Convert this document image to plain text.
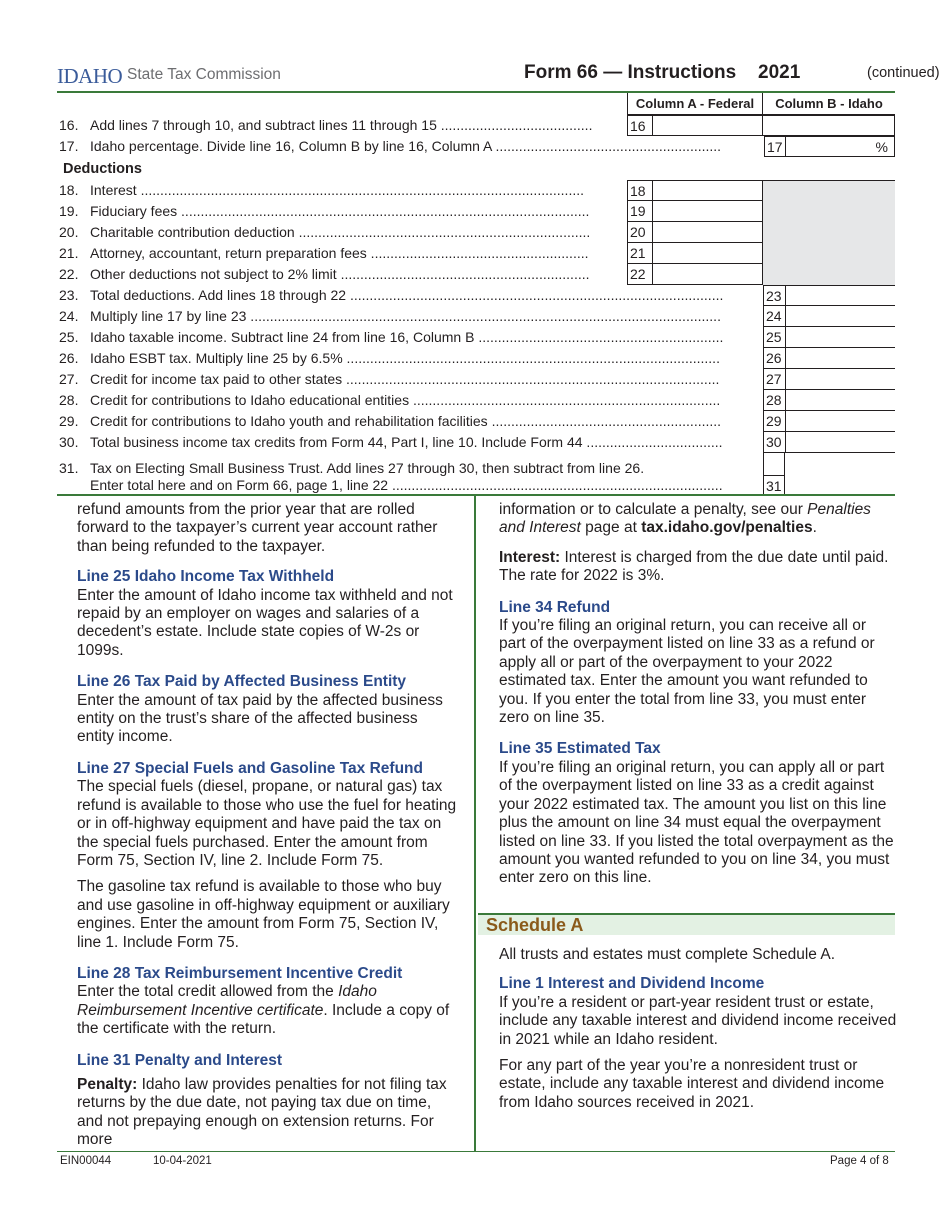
IDAHO State Tax Commission	Form 66 — Instructions 2021	(continued)
Column A - Federal	Column B - Idaho
16. Add lines 7 through 10, and subtract lines 11 through 15 .......................................	16
17. Idaho percentage. Divide line 16, Column B by line 16, Column A ..........................................................	17	%
Deductions
18. Interest ..................................................................................................................	18
19. Fiduciary fees .........................................................................................................	19
20. Charitable contribution deduction ...........................................................................	20
21. Attorney, accountant, return preparation fees ........................................................	21
22. Other deductions not subject to 2% limit ................................................................	22
23. Total deductions. Add lines 18 through 22 ................................................................................................	23
24. Multiply line 17 by line 23 .........................................................................................................................	24
25. Idaho taxable income. Subtract line 24 from line 16, Column B ...............................................................	25
26. Idaho ESBT tax. Multiply line 25 by 6.5% ................................................................................................	26
27. Credit for income tax paid to other states ................................................................................................	27
28. Credit for contributions to Idaho educational entities ...............................................................................	28
29. Credit for contributions to Idaho youth and rehabilitation facilities ...........................................................	29
30. Total business income tax credits from Form 44, Part I, line 10. Include Form 44 ...................................	30
31. Tax on Electing Small Business Trust. Add lines 27 through 30, then subtract from line 26.
Enter total here and on Form 66, page 1, line 22 .....................................................................................	31

refund amounts from the prior year that are rolled forward to the taxpayer’s current year account rather than being refunded to the taxpayer.

Line 25 Idaho Income Tax Withheld

Enter the amount of Idaho income tax withheld and not repaid by an employer on wages and salaries of a decedent’s estate. Include state copies of W-2s or 1099s.

Line 26 Tax Paid by Affected Business Entity

Enter the amount of tax paid by the affected business entity on the trust’s share of the affected business entity income.

Line 27 Special Fuels and Gasoline Tax Refund

The special fuels (diesel, propane, or natural gas) tax refund is available to those who use the fuel for heating or in off-highway equipment and have paid the tax on the special fuels purchased. Enter the amount from Form 75, Section IV, line 2. Include Form 75.

The gasoline tax refund is available to those who buy and use gasoline in off-highway equipment or auxiliary engines. Enter the amount from Form 75, Section IV, line 1. Include Form 75.

Line 28 Tax Reimbursement Incentive Credit

Enter the total credit allowed from the Idaho Reimbursement Incentive certificate. Include a copy of the certificate with the return.

Line 31 Penalty and Interest

Penalty: Idaho law provides penalties for not filing tax returns by the due date, not paying tax due on time, and not prepaying enough on extension returns. For more

information or to calculate a penalty, see our Penalties and Interest page at tax.idaho.gov/penalties.

Interest: Interest is charged from the due date until paid. The rate for 2022 is 3%.

Line 34 Refund

If you’re filing an original return, you can receive all or part of the overpayment listed on line 33 as a refund or apply all or part of the overpayment to your 2022 estimated tax. Enter the amount you want refunded to you. If you enter the total from line 33, you must enter zero on line 35.

Line 35 Estimated Tax

If you’re filing an original return, you can apply all or part of the overpayment listed on line 33 as a credit against your 2022 estimated tax. The amount you list on this line plus the amount on line 34 must equal the overpayment listed on line 33. If you listed the total overpayment as the amount you wanted refunded to you on line 34, you must enter zero on this line.

Schedule A

All trusts and estates must complete Schedule A.

Line 1 Interest and Dividend Income

If you’re a resident or part-year resident trust or estate, include any taxable interest and dividend income received in 2021 while an Idaho resident.

For any part of the year you’re a nonresident trust or estate, include any taxable interest and dividend income from Idaho sources received in 2021.

EIN00044	10-04-2021	Page 4 of 8
